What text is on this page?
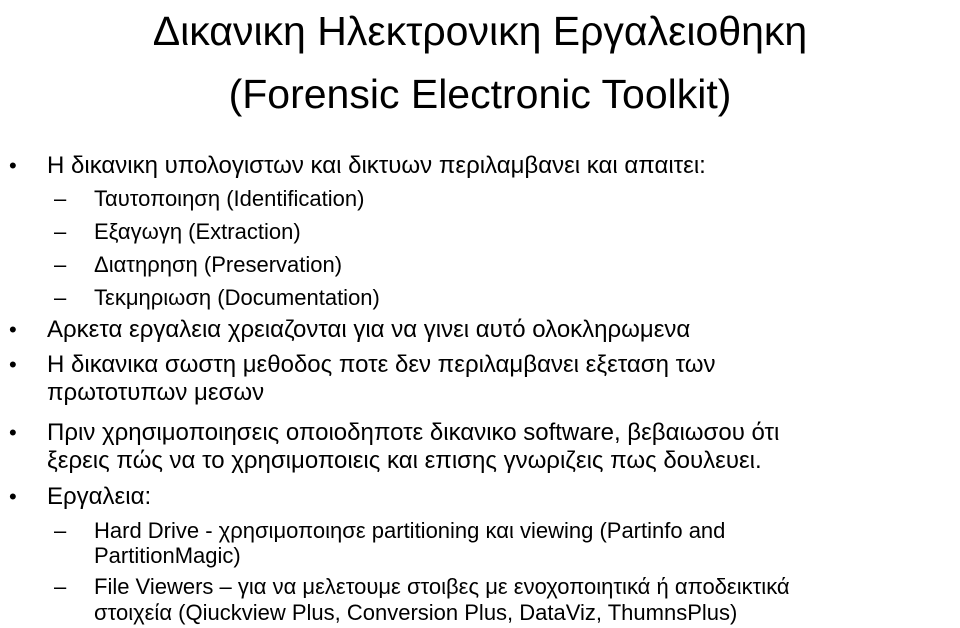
Δικανικη Ηλεκτρονικη Εργαλειοθηκη
(Forensic Electronic Toolkit)
• Η δικανικη υπολογιστων και δικτυων περιλαμβανει και απαιτει:
– Ταυτοποιηση (Identification)
– Εξαγωγη (Extraction)
– Διατηρηση (Preservation)
– Τεκμηριωση (Documentation)
• Αρκετα εργαλεια χρειαζονται για να γινει αυτό ολοκληρωμενα
• Η δικανικα σωστη μεθοδος ποτε δεν περιλαμβανει εξεταση των
πρωτοτυπων μεσων
• Πριν χρησιμοποιησεις οποιοδηποτε δικανικο software, βεβαιωσου ότι
ξερεις πώς να το χρησιμοποιεις και επισης γνωριζεις πως δουλευει.
• Εργαλεια:
– Hard Drive - χρησιμοποιησε partitioning και viewing (Partinfo and
PartitionMagic)
– File Viewers – για να μελετουμε στοιβες με ενοχοποιητικά ή αποδεικτικά
στοιχεία (Qiuckview Plus, Conversion Plus, DataViz, ThumnsPlus)
